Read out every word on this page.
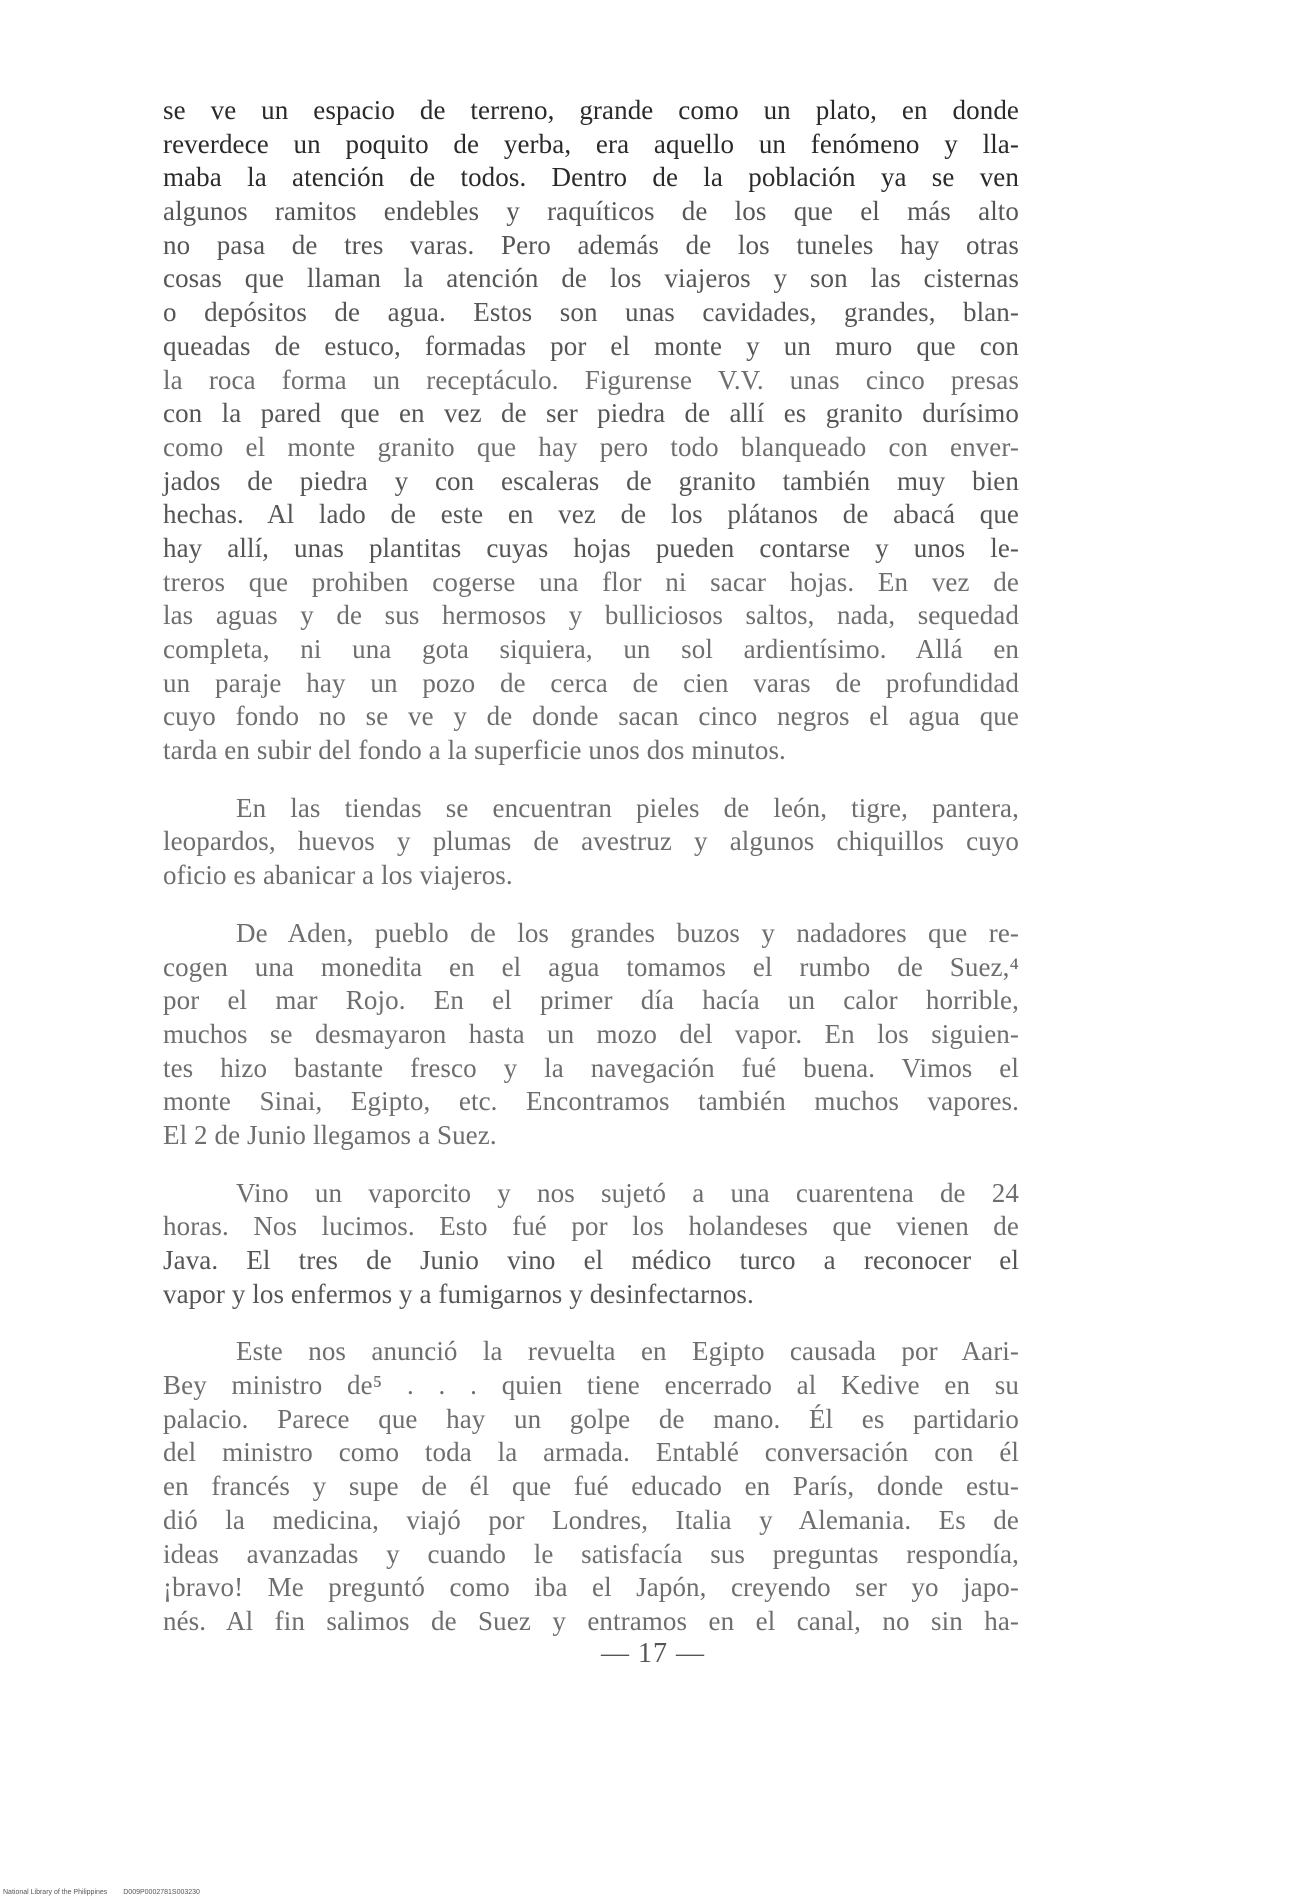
se ve un espacio de terreno, grande como un plato, en donde
reverdece un poquito de yerba, era aquello un fenómeno y lla-
maba la atención de todos. Dentro de la población ya se ven
algunos ramitos endebles y raquíticos de los que el más alto
no pasa de tres varas. Pero además de los tuneles hay otras
cosas que llaman la atención de los viajeros y son las cisternas
o depósitos de agua. Estos son unas cavidades, grandes, blan-
queadas de estuco, formadas por el monte y un muro que con
la roca forma un receptáculo. Figurense V.V. unas cinco presas
con la pared que en vez de ser piedra de allí es granito durísimo
como el monte granito que hay pero todo blanqueado con enver-
jados de piedra y con escaleras de granito también muy bien
hechas. Al lado de este en vez de los plátanos de abacá que
hay allí, unas plantitas cuyas hojas pueden contarse y unos le-
treros que prohiben cogerse una flor ni sacar hojas. En vez de
las aguas y de sus hermosos y bulliciosos saltos, nada, sequedad
completa, ni una gota siquiera, un sol ardientísimo. Allá en
un paraje hay un pozo de cerca de cien varas de profundidad
cuyo fondo no se ve y de donde sacan cinco negros el agua que
tarda en subir del fondo a la superficie unos dos minutos.
En las tiendas se encuentran pieles de león, tigre, pantera,
leopardos, huevos y plumas de avestruz y algunos chiquillos cuyo
oficio es abanicar a los viajeros.
De Aden, pueblo de los grandes buzos y nadadores que re-
cogen una monedita en el agua tomamos el rumbo de Suez,⁴
por el mar Rojo. En el primer día hacía un calor horrible,
muchos se desmayaron hasta un mozo del vapor. En los siguien-
tes hizo bastante fresco y la navegación fué buena. Vimos el
monte Sinai, Egipto, etc. Encontramos también muchos vapores.
El 2 de Junio llegamos a Suez.
Vino un vaporcito y nos sujetó a una cuarentena de 24
horas. Nos lucimos. Esto fué por los holandeses que vienen de
Java. El tres de Junio vino el médico turco a reconocer el
vapor y los enfermos y a fumigarnos y desinfectarnos.
Este nos anunció la revuelta en Egipto causada por Aari-
Bey ministro de⁵ . . . quien tiene encerrado al Kedive en su
palacio. Parece que hay un golpe de mano. Él es partidario
del ministro como toda la armada. Entablé conversación con él
en francés y supe de él que fué educado en París, donde estu-
dió la medicina, viajó por Londres, Italia y Alemania. Es de
ideas avanzadas y cuando le satisfacía sus preguntas respondía,
¡bravo! Me preguntó como iba el Japón, creyendo ser yo japo-
nés. Al fin salimos de Suez y entramos en el canal, no sin ha-
— 17 —
National Library of the Philippines D009P0002781S003230
